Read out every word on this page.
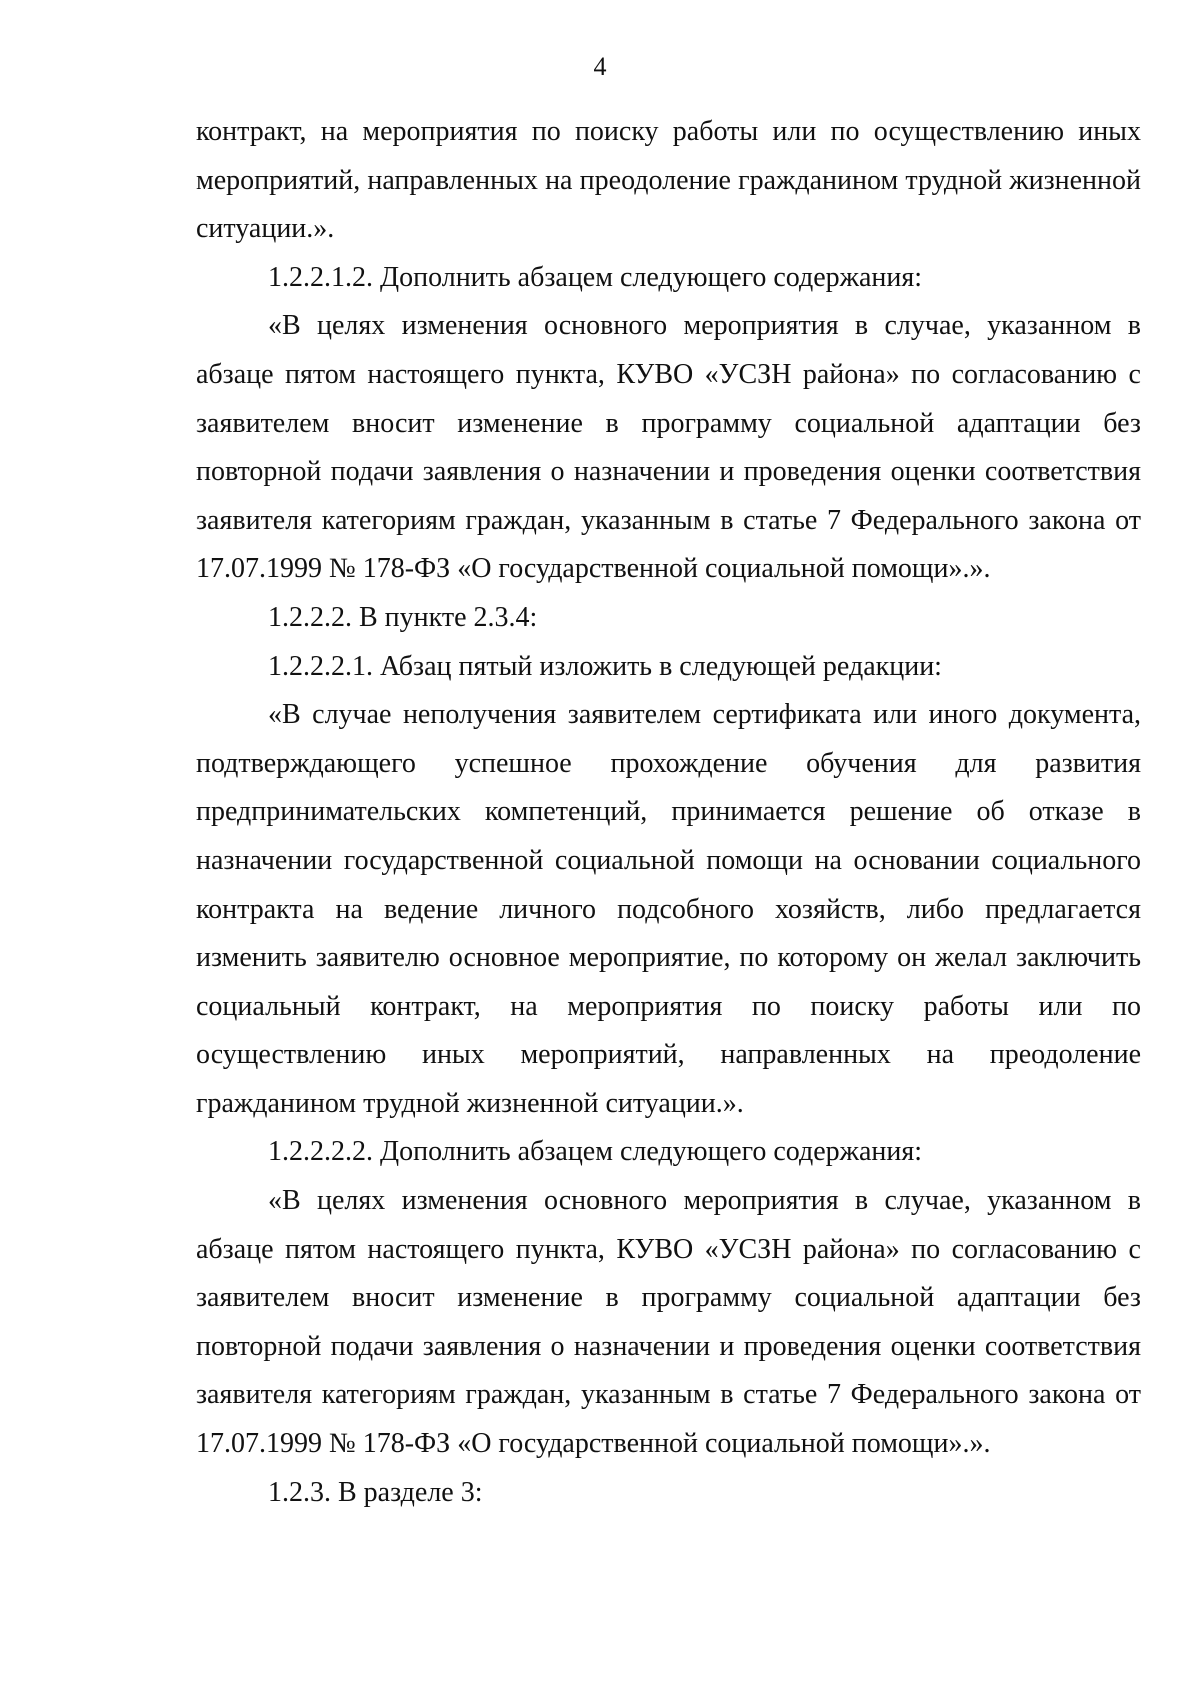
4

контракт, на мероприятия по поиску работы или по осуществлению иных мероприятий, направленных на преодоление гражданином трудной жизненной ситуации.».

1.2.2.1.2. Дополнить абзацем следующего содержания:

«В целях изменения основного мероприятия в случае, указанном в абзаце пятом настоящего пункта, КУВО «УСЗН района» по согласованию с заявителем вносит изменение в программу социальной адаптации без повторной подачи заявления о назначении и проведения оценки соответствия заявителя категориям граждан, указанным в статье 7 Федерального закона от 17.07.1999 № 178-ФЗ «О государственной социальной помощи».».

1.2.2.2. В пункте 2.3.4:

1.2.2.2.1. Абзац пятый изложить в следующей редакции:

«В случае неполучения заявителем сертификата или иного документа, подтверждающего успешное прохождение обучения для развития предпринимательских компетенций, принимается решение об отказе в назначении государственной социальной помощи на основании социального контракта на ведение личного подсобного хозяйств, либо предлагается изменить заявителю основное мероприятие, по которому он желал заключить социальный контракт, на мероприятия по поиску работы или по осуществлению иных мероприятий, направленных на преодоление гражданином трудной жизненной ситуации.».

1.2.2.2.2. Дополнить абзацем следующего содержания:

«В целях изменения основного мероприятия в случае, указанном в абзаце пятом настоящего пункта, КУВО «УСЗН района» по согласованию с заявителем вносит изменение в программу социальной адаптации без повторной подачи заявления о назначении и проведения оценки соответствия заявителя категориям граждан, указанным в статье 7 Федерального закона от 17.07.1999 № 178-ФЗ «О государственной социальной помощи».».

1.2.3. В разделе 3:
